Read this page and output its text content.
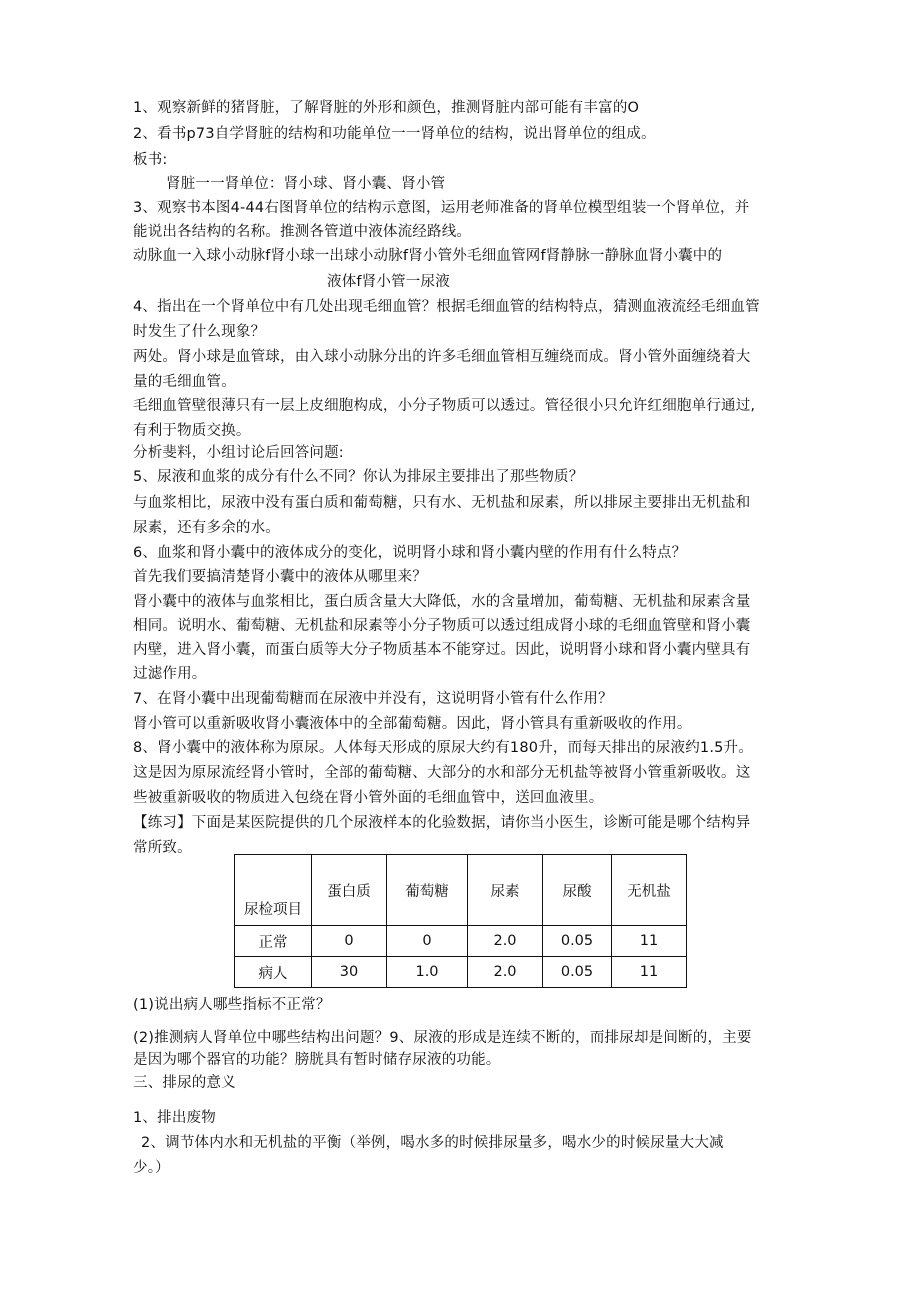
1、观察新鲜的猪肾脏，了解肾脏的外形和颜色，推测肾脏内部可能有丰富的O
2、看书p73自学肾脏的结构和功能单位一一肾单位的结构，说出肾单位的组成。
板书:
肾脏一一肾单位：肾小球、肾小囊、肾小管
3、观察书本图4-44右图肾单位的结构示意图，运用老师准备的肾单位模型组装一个肾单位，并
能说出各结构的名称。推测各管道中液体流经路线。
动脉血一入球小动脉f肾小球一出球小动脉f肾小管外毛细血管网f肾静脉一静脉血肾小囊中的
液体f肾小管一尿液
4、指出在一个肾单位中有几处出现毛细血管？根据毛细血管的结构特点，猜测血液流经毛细血管
时发生了什么现象？
两处。肾小球是血管球，由入球小动脉分出的许多毛细血管相互缠绕而成。肾小管外面缠绕着大
量的毛细血管。
毛细血管壁很薄只有一层上皮细胞构成，小分子物质可以透过。管径很小只允许红细胞单行通过,
有利于物质交换。
分析斐料，小组讨论后回答问题:
5、尿液和血浆的成分有什么不同？你认为排尿主要排出了那些物质？
与血浆相比，尿液中没有蛋白质和葡萄糖，只有水、无机盐和尿素，所以排尿主要排出无机盐和
尿素，还有多余的水。
6、血浆和肾小囊中的液体成分的变化，说明肾小球和肾小囊内壁的作用有什么特点？
首先我们要搞清楚肾小囊中的液体从哪里来？
肾小囊中的液体与血浆相比，蛋白质含量大大降低，水的含量增加，葡萄糖、无机盐和尿素含量
相同。说明水、葡萄糖、无机盐和尿素等小分子物质可以透过组成肾小球的毛细血管壁和肾小囊
内壁，进入肾小囊，而蛋白质等大分子物质基本不能穿过。因此，说明肾小球和肾小囊内壁具有
过滤作用。
7、在肾小囊中出现葡萄糖而在尿液中并没有，这说明肾小管有什么作用？
肾小管可以重新吸收肾小囊液体中的全部葡萄糖。因此，肾小管具有重新吸收的作用。
8、肾小囊中的液体称为原尿。人体每天形成的原尿大约有180升，而每天排出的尿液约1.5升。
这是因为原尿流经肾小管时，全部的葡萄糖、大部分的水和部分无机盐等被肾小管重新吸收。这
些被重新吸收的物质进入包绕在肾小管外面的毛细血管中，送回血液里。
【练习】下面是某医院提供的几个尿液样本的化验数据，请你当小医生，诊断可能是哪个结构异
常所致。
尿检项目	蛋白质	葡萄糖	尿素	尿酸	无机盐
正常	0	0	2.0	0.05	11
病人	30	1.0	2.0	0.05	11
(1)说出病人哪些指标不正常？
(2)推测病人肾单位中哪些结构出问题？9、尿液的形成是连续不断的，而排尿却是间断的，主要
是因为哪个器官的功能？膀胱具有暂时储存尿液的功能。
三、排尿的意义
1、排出废物
2、调节体内水和无机盐的平衡（举例，喝水多的时候排尿量多，喝水少的时候尿量大大减
少。）
